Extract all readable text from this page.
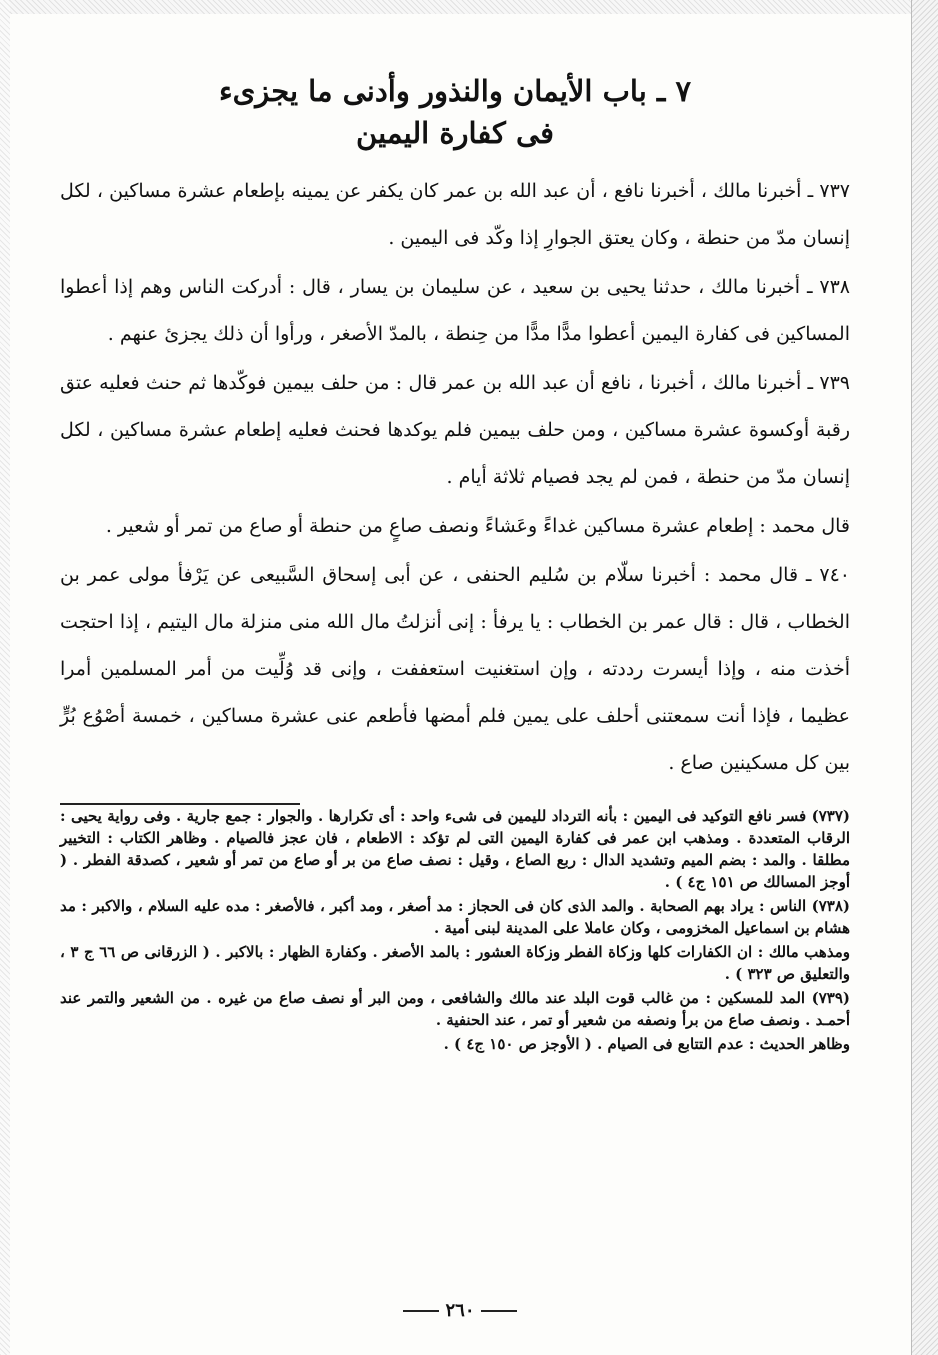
٧ ـ باب الأيمان والنذور وأدنى ما يجزىء
فى كفارة اليمين

٧٣٧ ـ أخبرنا مالك ، أخبرنا نافع ، أن عبد الله بن عمر كان يكفر عن يمينه بإطعام عشرة مساكين ، لكل إنسان مدّ من حنطة ، وكان يعتق الجوارِ إذا وكّد فى اليمين .

٧٣٨ ـ أخبرنا مالك ، حدثنا يحيى بن سعيد ، عن سليمان بن يسار ، قال : أدركت الناس وهم إذا أعطوا المساكين فى كفارة اليمين أعطوا مدًّا مدًّا من حِنطة ، بالمدّ الأصغر ، ورأوا أن ذلك يجزئ عنهم .

٧٣٩ ـ أخبرنا مالك ، أخبرنا ، نافع أن عبد الله بن عمر قال : من حلف بيمين فوكّدها ثم حنث فعليه عتق رقبة أوكسوة عشرة مساكين ، ومن حلف بيمين فلم يوكدها فحنث فعليه إطعام عشرة مساكين ، لكل إنسان مدّ من حنطة ، فمن لم يجد فصيام ثلاثة أيام .

قال محمد : إطعام عشرة مساكين غداءً وعَشاءً ونصف صاعٍ من حنطة أو صاع من تمر أو شعير .

٧٤٠ ـ قال محمد : أخبرنا سلّام بن سُليم الحنفى ، عن أبى إسحاق السَّبيعى عن يَرْفأ مولى عمر بن الخطاب ، قال : قال عمر بن الخطاب : يا يرفأ : إنى أنزلتُ مال الله منى منزلة مال اليتيم ، إذا احتجت أخذت منه ، وإذا أيسرت رددته ، وإن استغنيت استعففت ، وإنى قد وُلِّيت من أمر المسلمين أمرا عظيما ، فإذا أنت سمعتنى أحلف على يمين فلم أمضها فأطعم عنى عشرة مساكين ، خمسة أصْوُع بُرٍّ بين كل مسكينين صاع .

(٧٣٧) فسر نافع التوكيد فى اليمين : بأنه الترداد لليمين فى شىء واحد : أى تكرارها . والجوار : جمع جارية . وفى رواية يحيى : الرقاب المتعددة . ومذهب ابن عمر فى كفارة اليمين التى لم تؤكد : الاطعام ، فان عجز فالصيام . وظاهر الكتاب : التخيير مطلقا . والمد : بضم الميم وتشديد الدال : ربع الصاع ، وقيل : نصف صاع من بر أو صاع من تمر أو شعير ، كصدقة الفطر . ( أوجز المسالك ص ١٥١ ج٤ ) .

(٧٣٨) الناس : يراد بهم الصحابة . والمد الذى كان فى الحجاز : مد أصغر ، ومد أكبر ، فالأصغر : مده عليه السلام ، والاكبر : مد هشام بن اسماعيل المخزومى ، وكان عاملا على المدينة لبنى أمية .

ومذهب مالك : ان الكفارات كلها وزكاة الفطر وزكاة العشور : بالمد الأصغر . وكفارة الظهار : بالاكبر . ( الزرقانى ص ٦٦ ج ٣ ، والتعليق ص ٣٢٣ ) .

(٧٣٩) المد للمسكين : من غالب قوت البلد عند مالك والشافعى ، ومن البر أو نصف صاع من غيره . من الشعير والتمر عند أحمـد . ونصف صاع من برأ ونصفه من شعير أو تمر ، عند الحنفية .

وظاهر الحديث : عدم التتابع فى الصيام . ( الأوجز ص ١٥٠ ج٤ ) .

٢٦٠
